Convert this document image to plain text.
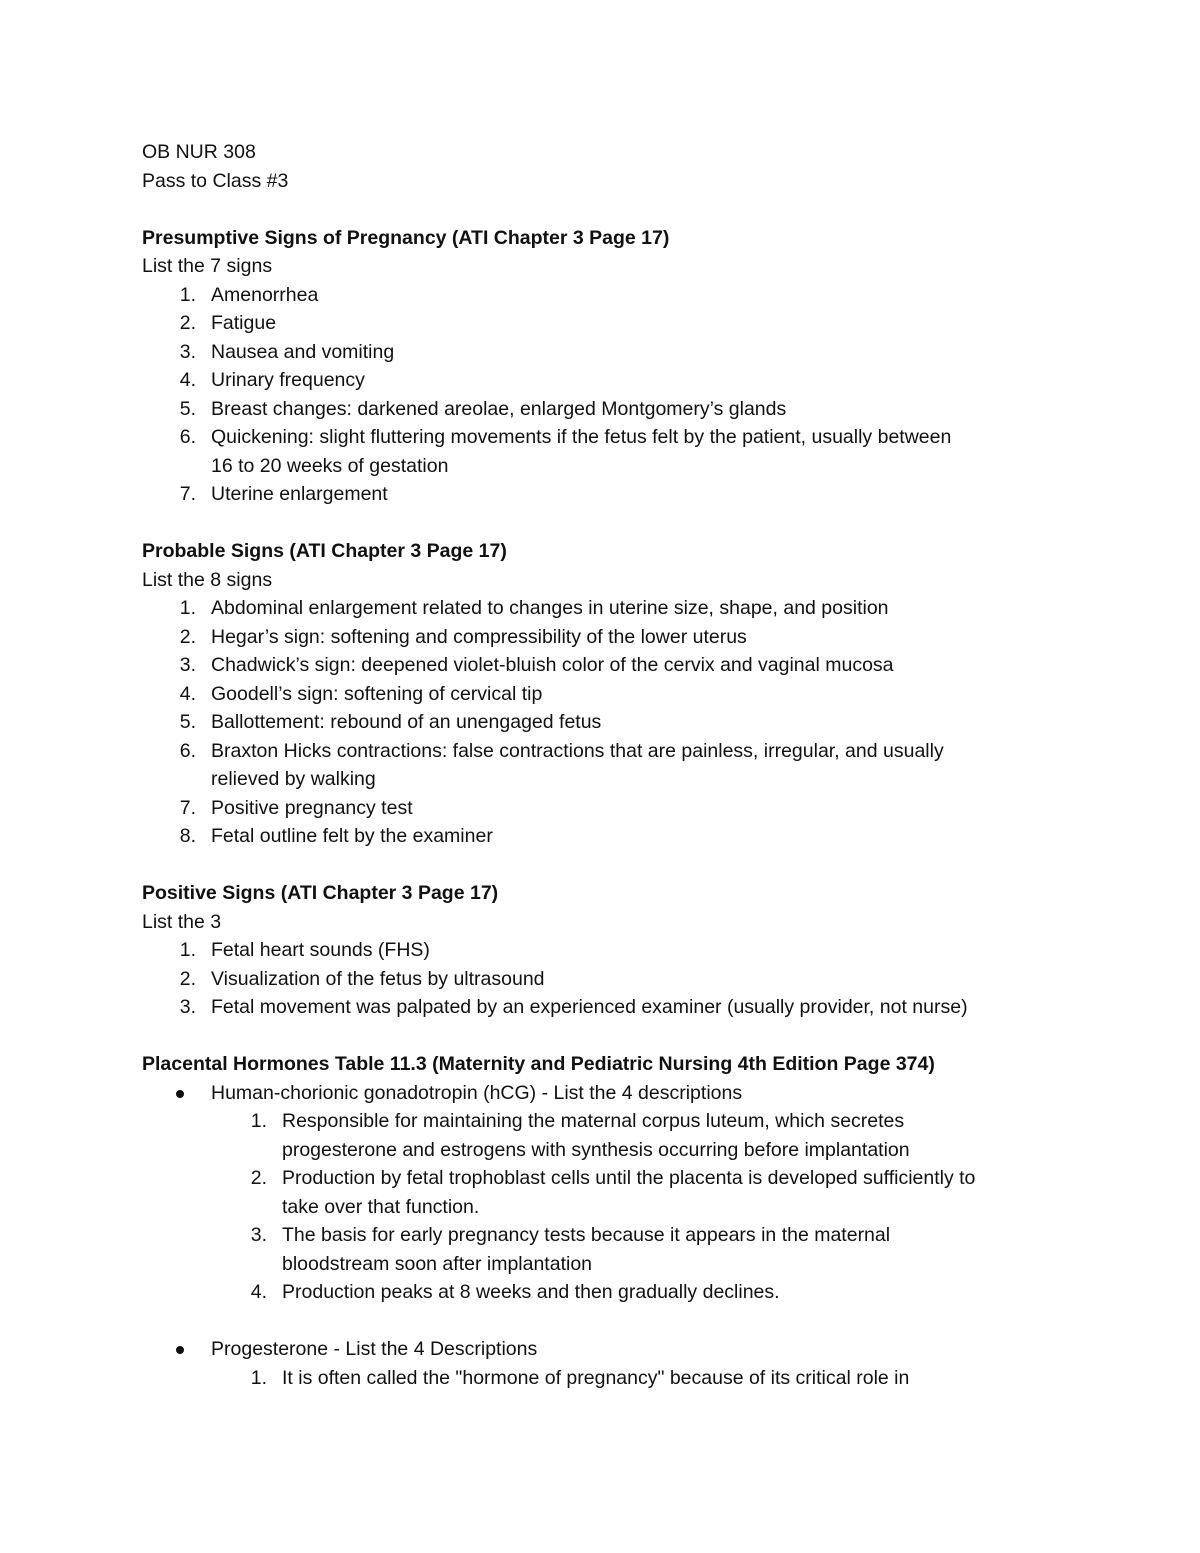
OB NUR 308
Pass to Class #3
Presumptive Signs of Pregnancy (ATI Chapter 3 Page 17)
List the 7 signs
1. Amenorrhea
2. Fatigue
3. Nausea and vomiting
4. Urinary frequency
5. Breast changes: darkened areolae, enlarged Montgomery’s glands
6. Quickening: slight fluttering movements if the fetus felt by the patient, usually between
16 to 20 weeks of gestation
7. Uterine enlargement
Probable Signs (ATI Chapter 3 Page 17)
List the 8 signs
1. Abdominal enlargement related to changes in uterine size, shape, and position
2. Hegar’s sign: softening and compressibility of the lower uterus
3. Chadwick’s sign: deepened violet-bluish color of the cervix and vaginal mucosa
4. Goodell’s sign: softening of cervical tip
5. Ballottement: rebound of an unengaged fetus
6. Braxton Hicks contractions: false contractions that are painless, irregular, and usually
relieved by walking
7. Positive pregnancy test
8. Fetal outline felt by the examiner
Positive Signs (ATI Chapter 3 Page 17)
List the 3
1. Fetal heart sounds (FHS)
2. Visualization of the fetus by ultrasound
3. Fetal movement was palpated by an experienced examiner (usually provider, not nurse)
Placental Hormones Table 11.3 (Maternity and Pediatric Nursing 4th Edition Page 374)
Human-chorionic gonadotropin (hCG) - List the 4 descriptions
1. Responsible for maintaining the maternal corpus luteum, which secretes
progesterone and estrogens with synthesis occurring before implantation
2. Production by fetal trophoblast cells until the placenta is developed sufficiently to
take over that function.
3. The basis for early pregnancy tests because it appears in the maternal
bloodstream soon after implantation
4. Production peaks at 8 weeks and then gradually declines.
Progesterone - List the 4 Descriptions
1. It is often called the "hormone of pregnancy" because of its critical role in
